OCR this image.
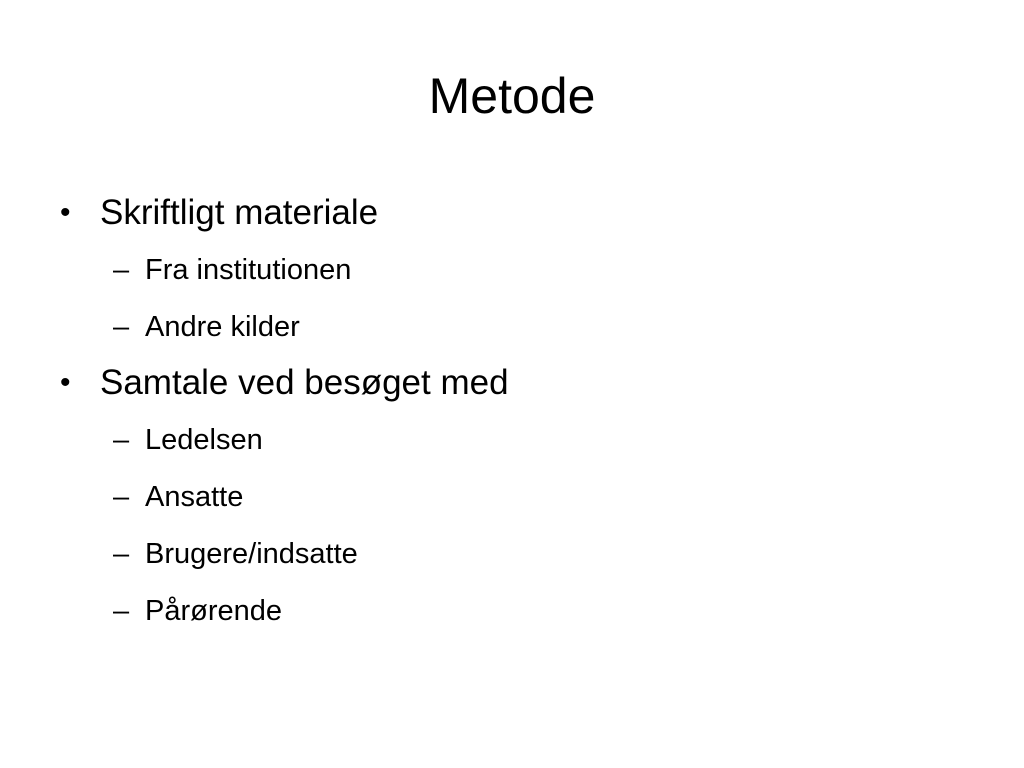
Metode
• Skriftligt materiale
– Fra institutionen
– Andre kilder
• Samtale ved besøget med
– Ledelsen
– Ansatte
– Brugere/indsatte
– Pårørende
